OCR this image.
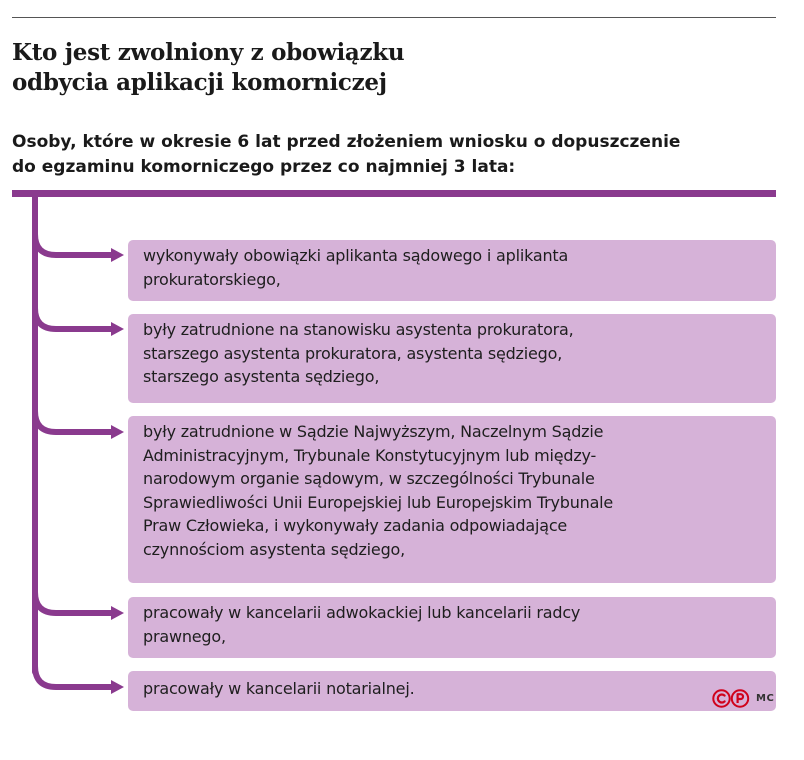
Kto jest zwolniony z obowiązku
odbycia aplikacji komorniczej
Osoby, które w okresie 6 lat przed złożeniem wniosku o dopuszczenie
do egzaminu komorniczego przez co najmniej 3 lata:
wykonywały obowiązki aplikanta sądowego i aplikanta
prokuratorskiego,
były zatrudnione na stanowisku asystenta prokuratora,
starszego asystenta prokuratora, asystenta sędziego,
starszego asystenta sędziego,
były zatrudnione w Sądzie Najwyższym, Naczelnym Sądzie
Administracyjnym, Trybunale Konstytucyjnym lub między-
narodowym organie sądowym, w szczególności Trybunale
Sprawiedliwości Unii Europejskiej lub Europejskim Trybunale
Praw Człowieka, i wykonywały zadania odpowiadające
czynnościom asystenta sędziego,
pracowały w kancelarii adwokackiej lub kancelarii radcy
prawnego,
pracowały w kancelarii notarialnej.	MC
